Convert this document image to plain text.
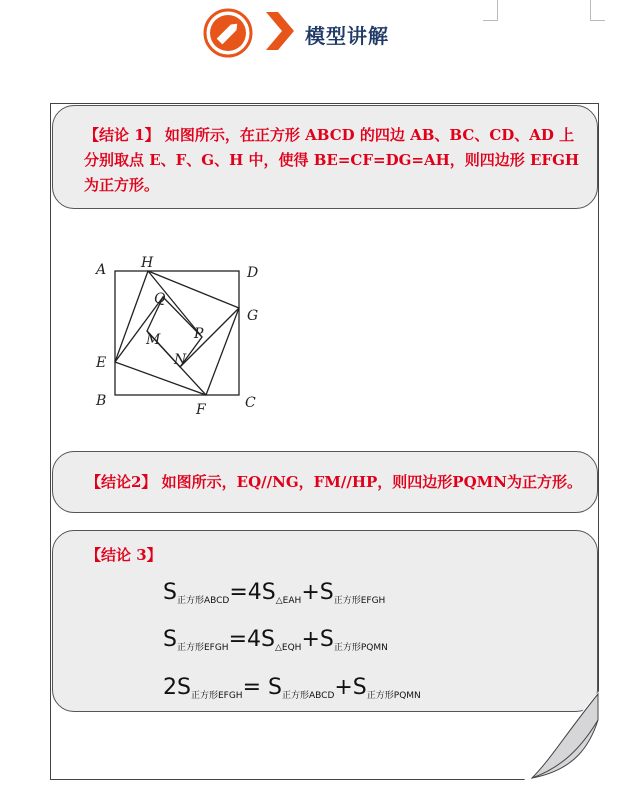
模型讲解
【结论 1】 如图所示，在正方形 ABCD 的四边 AB、BC、CD、AD 上分别取点 E、F、G、H 中，使得 BE=CF=DG=AH，则四边形 EFGH 为正方形。
A H
D
Q
G
P
M
E	N
B
F	C
【结论2】 如图所示，EQ//NG，FM//HP，则四边形PQMN为正方形。
【结论 3】
$S_{正方形ABCD}=4S_{\triangle EAH}+S_{正方形EFGH}$
$S_{正方形EFGH}=4S_{\triangle EQH}+S_{正方形PQMN}$
$2S_{正方形EFGH}= S_{正方形ABCD}+S_{正方形PQMN}$
